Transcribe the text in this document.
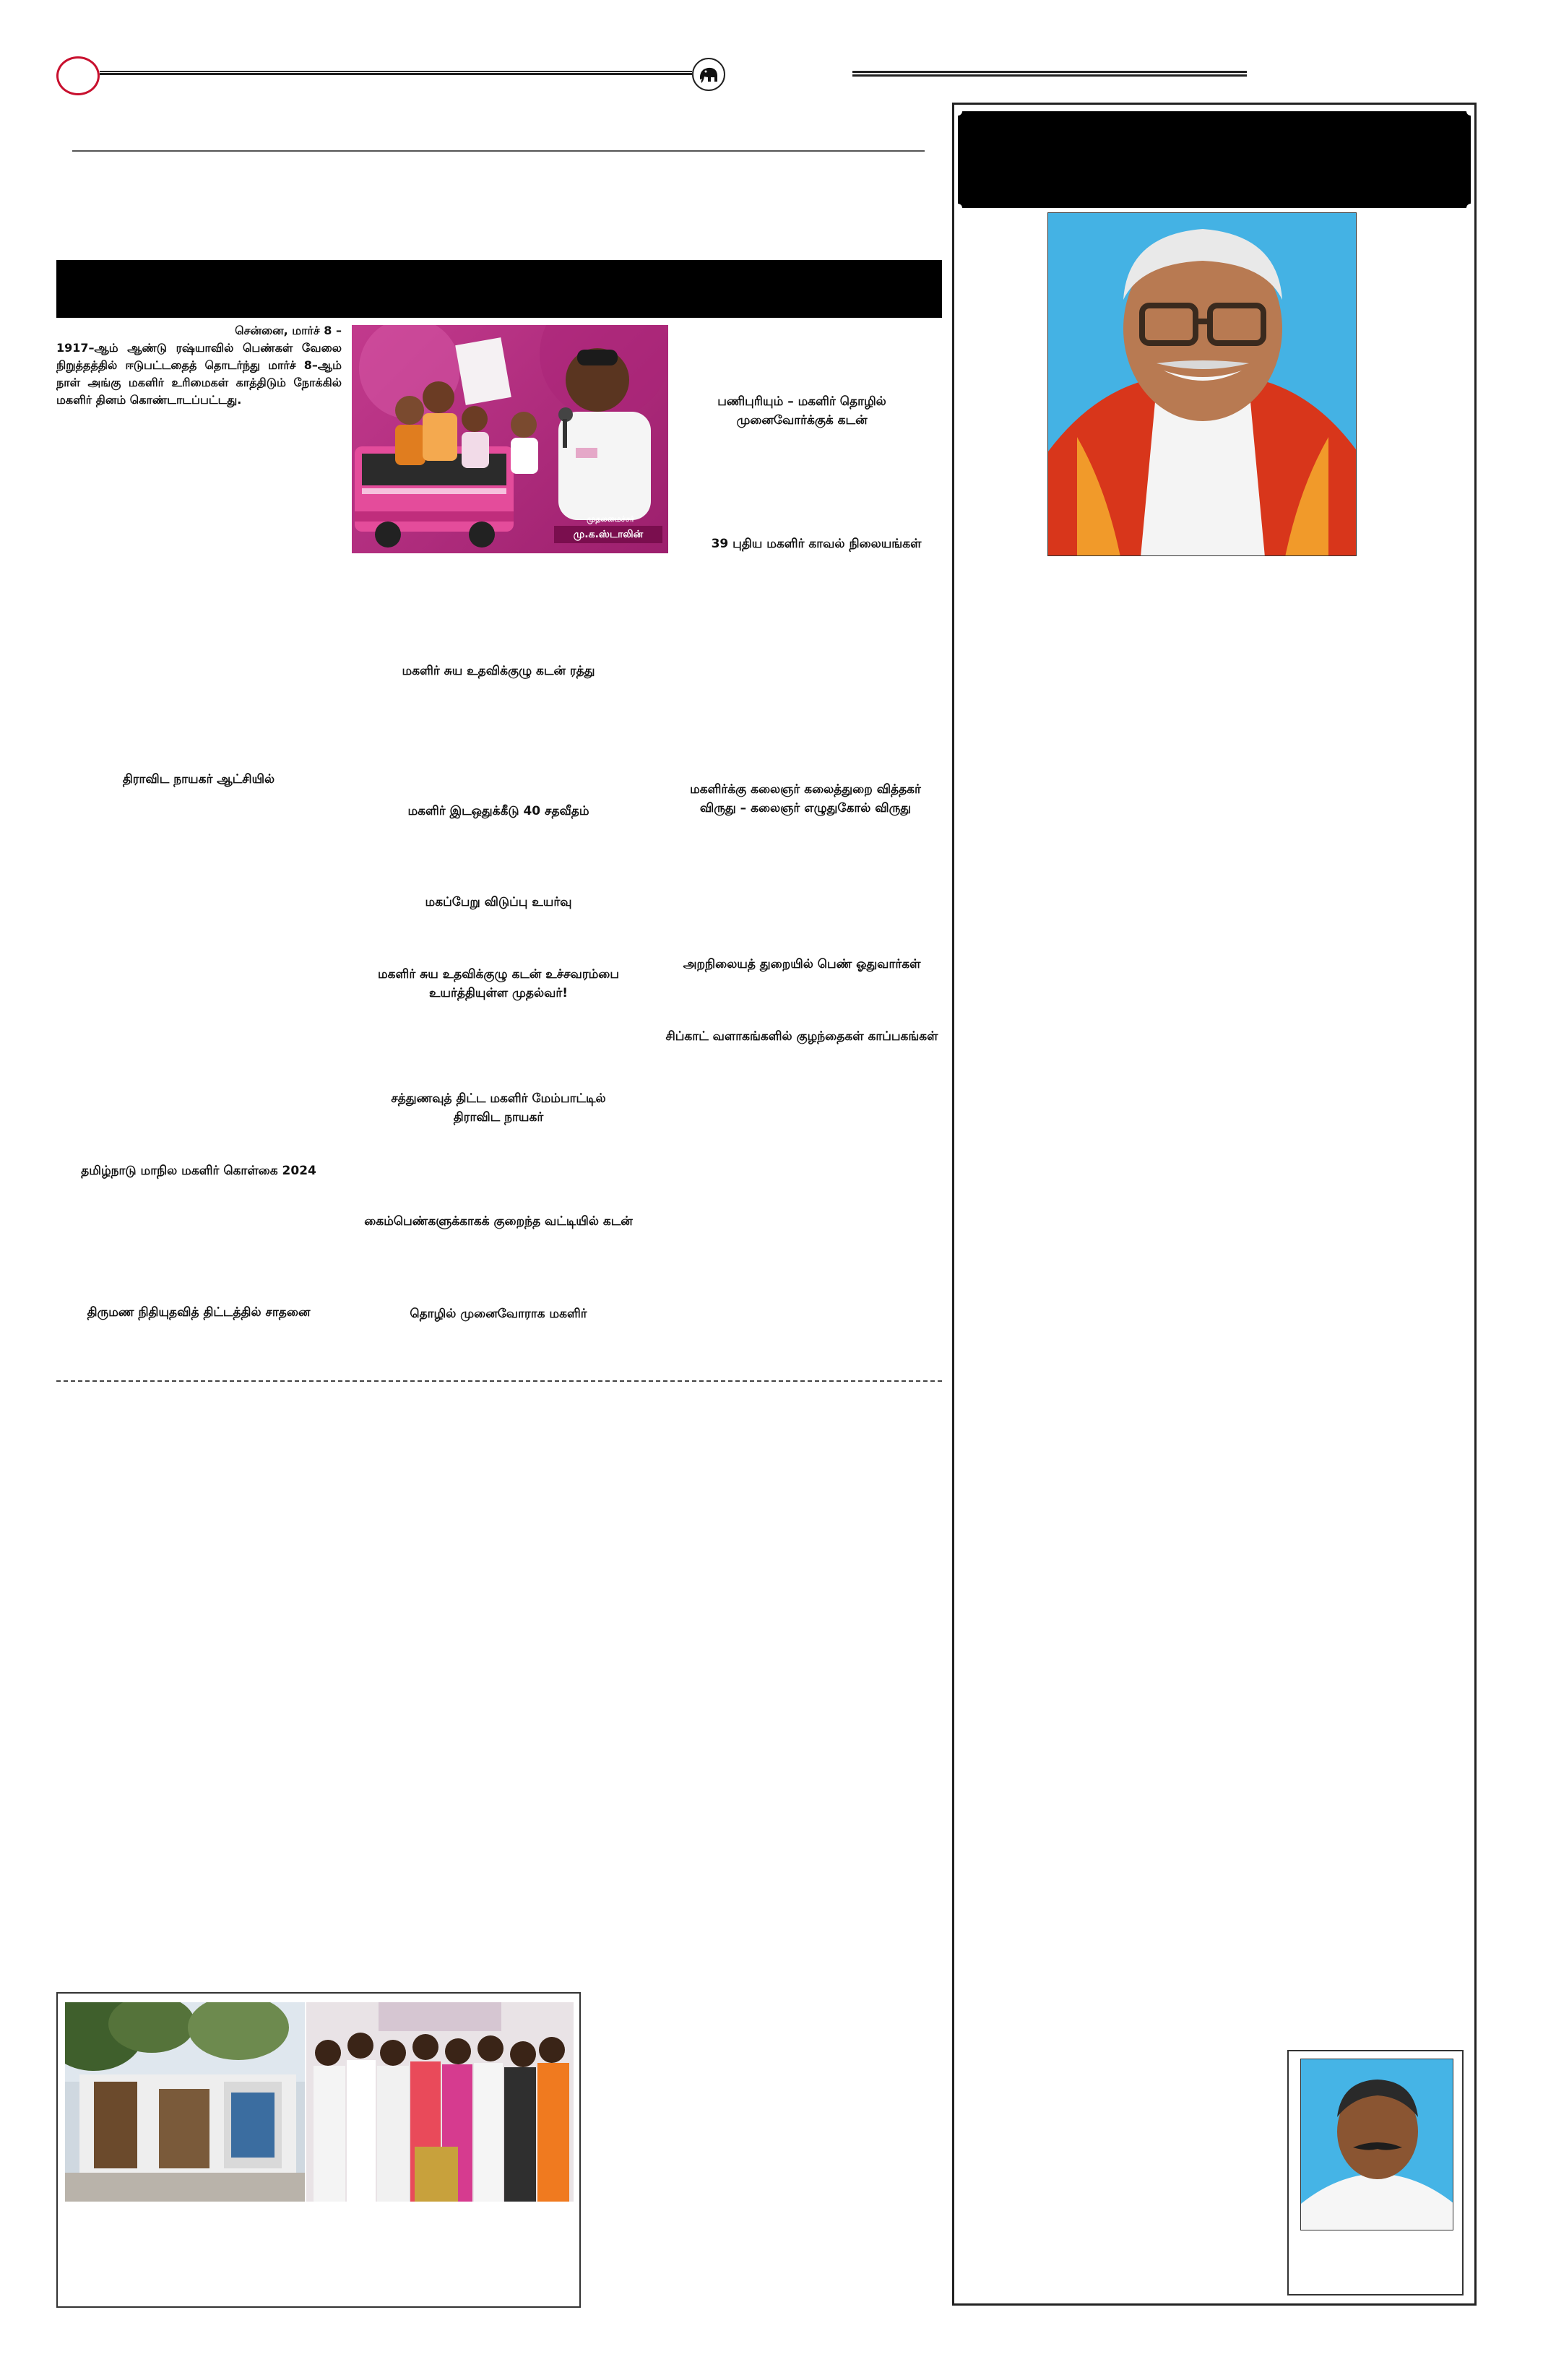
சென்னை, மார்ச் 8 –
1917–ஆம் ஆண்டு ரஷ்யாவில் பெண்கள் வேலை நிறுத்தத்தில் ஈடுபட்டதைத் தொடர்ந்து மார்ச் 8–ஆம் நாள் அங்கு மகளிர் உரிமைகள் காத்திடும் நோக்கில் மகளிர் தினம் கொண்டாடப்பட்டது.
முதலமைச்சர்
மு.க.ஸ்டாலின்
பணிபுரியும் – மகளிர் தொழில் முனைவோர்க்குக் கடன்
39 புதிய மகளிர் காவல் நிலையங்கள்
மகளிர் சுய உதவிக்குழு கடன் ரத்து
திராவிட நாயகர் ஆட்சியில்
மகளிர் இடஒதுக்கீடு 40 சதவீதம்
மகளிர்க்கு கலைஞர் கலைத்துறை வித்தகர் விருது – கலைஞர் எழுதுகோல் விருது
மகப்பேறு விடுப்பு உயர்வு
அறநிலையத் துறையில் பெண் ஓதுவார்கள்
மகளிர் சுய உதவிக்குழு கடன் உச்சவரம்பை உயர்த்தியுள்ள முதல்வர்!
சிப்காட் வளாகங்களில் குழந்தைகள் காப்பகங்கள்
சத்துணவுத் திட்ட மகளிர் மேம்பாட்டில் திராவிட நாயகர்
தமிழ்நாடு மாநில மகளிர் கொள்கை 2024
கைம்பெண்களுக்காகக் குறைந்த வட்டியில் கடன்
திருமண நிதியுதவித் திட்டத்தில் சாதனை	தொழில் முனைவோராக மகளிர்
